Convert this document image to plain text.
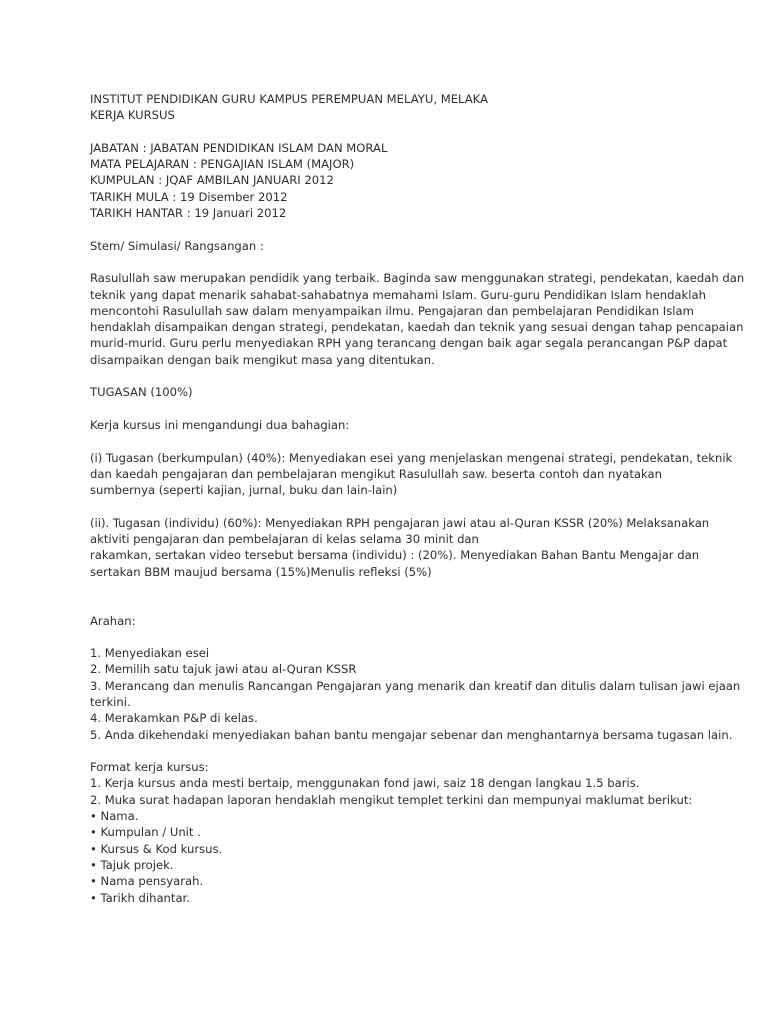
INSTITUT PENDIDIKAN GURU KAMPUS PEREMPUAN MELAYU, MELAKA
KERJA KURSUS
JABATAN : JABATAN PENDIDIKAN ISLAM DAN MORAL
MATA PELAJARAN : PENGAJIAN ISLAM (MAJOR)
KUMPULAN : JQAF AMBILAN JANUARI 2012
TARIKH MULA : 19 Disember 2012
TARIKH HANTAR : 19 Januari 2012
Stem/ Simulasi/ Rangsangan :
Rasulullah saw merupakan pendidik yang terbaik. Baginda saw menggunakan strategi, pendekatan, kaedah dan
teknik yang dapat menarik sahabat-sahabatnya memahami Islam. Guru-guru Pendidikan Islam hendaklah
mencontohi Rasulullah saw dalam menyampaikan ilmu. Pengajaran dan pembelajaran Pendidikan Islam
hendaklah disampaikan dengan strategi, pendekatan, kaedah dan teknik yang sesuai dengan tahap pencapaian
murid-murid. Guru perlu menyediakan RPH yang terancang dengan baik agar segala perancangan P&P dapat
disampaikan dengan baik mengikut masa yang ditentukan.
TUGASAN (100%)
Kerja kursus ini mengandungi dua bahagian:
(i) Tugasan (berkumpulan) (40%): Menyediakan esei yang menjelaskan mengenai strategi, pendekatan, teknik
dan kaedah pengajaran dan pembelajaran mengikut Rasulullah saw. beserta contoh dan nyatakan
sumbernya (seperti kajian, jurnal, buku dan lain-lain)
(ii). Tugasan (individu) (60%): Menyediakan RPH pengajaran jawi atau al-Quran KSSR (20%) Melaksanakan
aktiviti pengajaran dan pembelajaran di kelas selama 30 minit dan
rakamkan, sertakan video tersebut bersama (individu) : (20%). Menyediakan Bahan Bantu Mengajar dan
sertakan BBM maujud bersama (15%)Menulis refleksi (5%)
Arahan:
1. Menyediakan esei
2. Memilih satu tajuk jawi atau al-Quran KSSR
3. Merancang dan menulis Rancangan Pengajaran yang menarik dan kreatif dan ditulis dalam tulisan jawi ejaan
terkini.
4. Merakamkan P&P di kelas.
5. Anda dikehendaki menyediakan bahan bantu mengajar sebenar dan menghantarnya bersama tugasan lain.
Format kerja kursus:
1. Kerja kursus anda mesti bertaip, menggunakan fond jawi, saiz 18 dengan langkau 1.5 baris.
2. Muka surat hadapan laporan hendaklah mengikut templet terkini dan mempunyai maklumat berikut:
• Nama.
• Kumpulan / Unit .
• Kursus & Kod kursus.
• Tajuk projek.
• Nama pensyarah.
• Tarikh dihantar.
